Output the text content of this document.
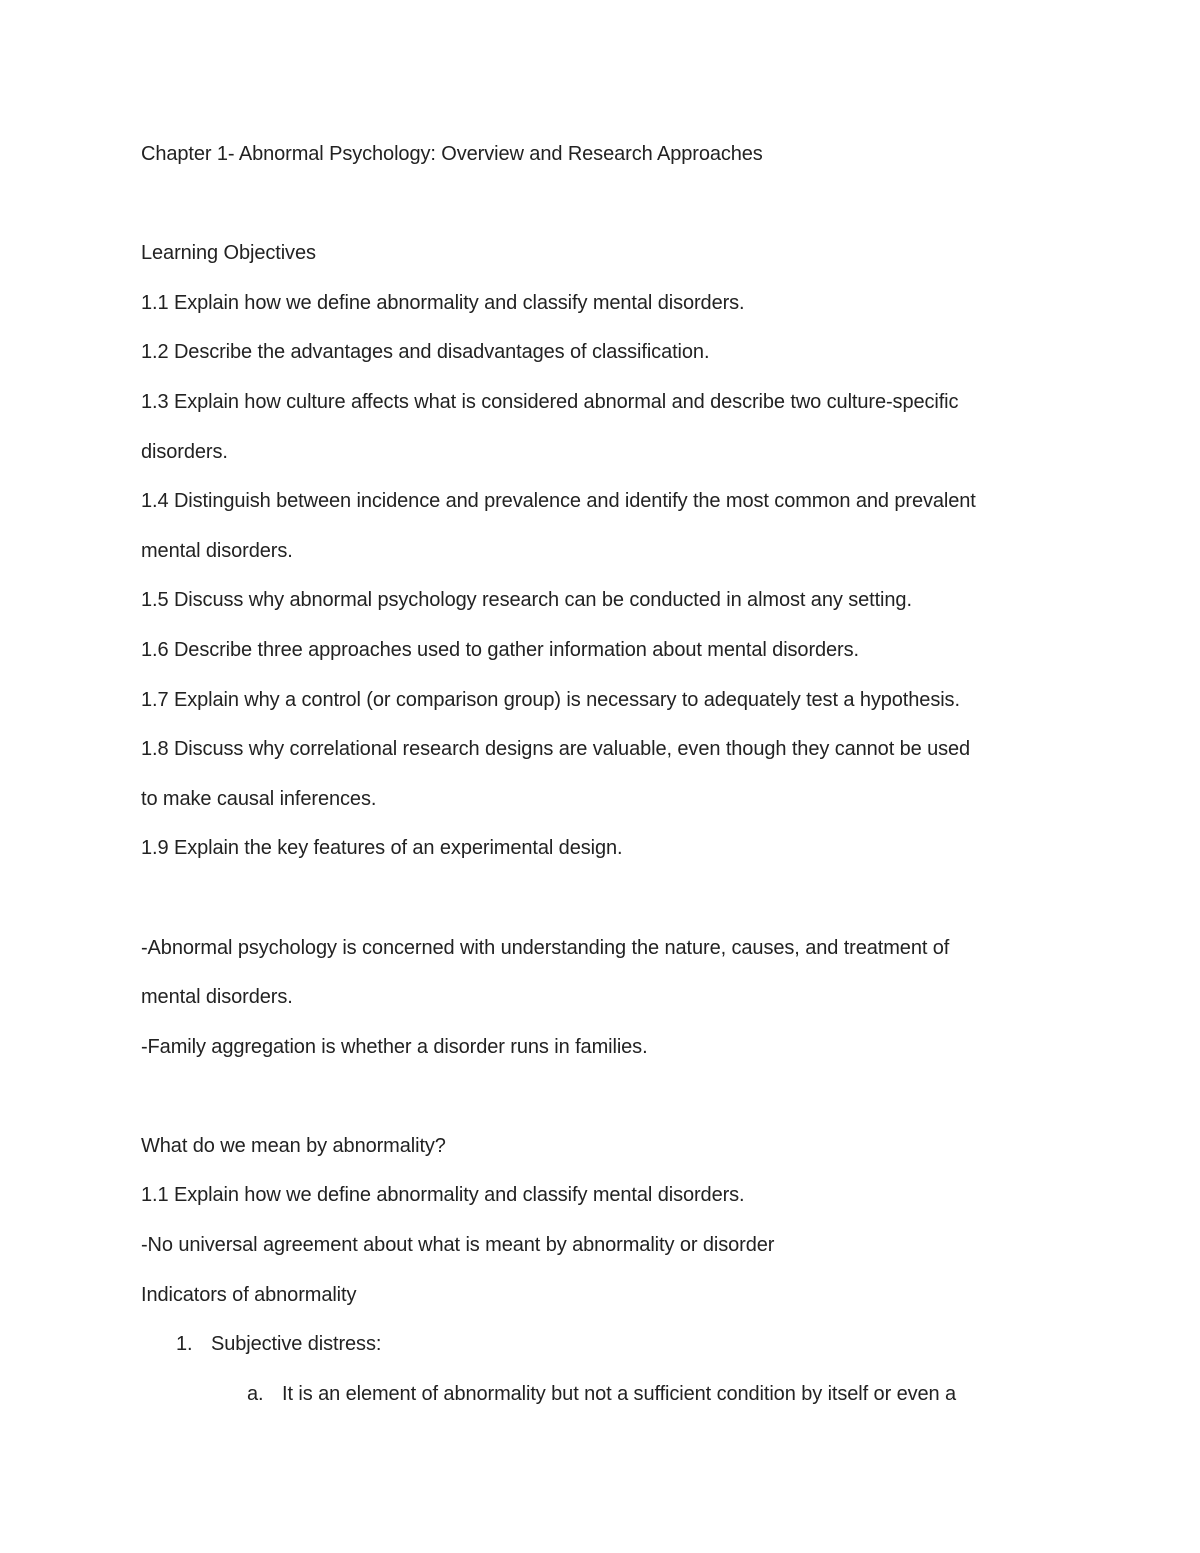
Chapter 1- Abnormal Psychology: Overview and Research Approaches
Learning Objectives
1.1 Explain how we define abnormality and classify mental disorders.
1.2 Describe the advantages and disadvantages of classification.
1.3 Explain how culture affects what is considered abnormal and describe two culture-specific
disorders.
1.4 Distinguish between incidence and prevalence and identify the most common and prevalent
mental disorders.
1.5 Discuss why abnormal psychology research can be conducted in almost any setting.
1.6 Describe three approaches used to gather information about mental disorders.
1.7 Explain why a control (or comparison group) is necessary to adequately test a hypothesis.
1.8 Discuss why correlational research designs are valuable, even though they cannot be used
to make causal inferences.
1.9 Explain the key features of an experimental design.
-Abnormal psychology is concerned with understanding the nature, causes, and treatment of
mental disorders.
-Family aggregation is whether a disorder runs in families.
What do we mean by abnormality?
1.1 Explain how we define abnormality and classify mental disorders.
-No universal agreement about what is meant by abnormality or disorder
Indicators of abnormality
1. Subjective distress:
a. It is an element of abnormality but not a sufficient condition by itself or even a
